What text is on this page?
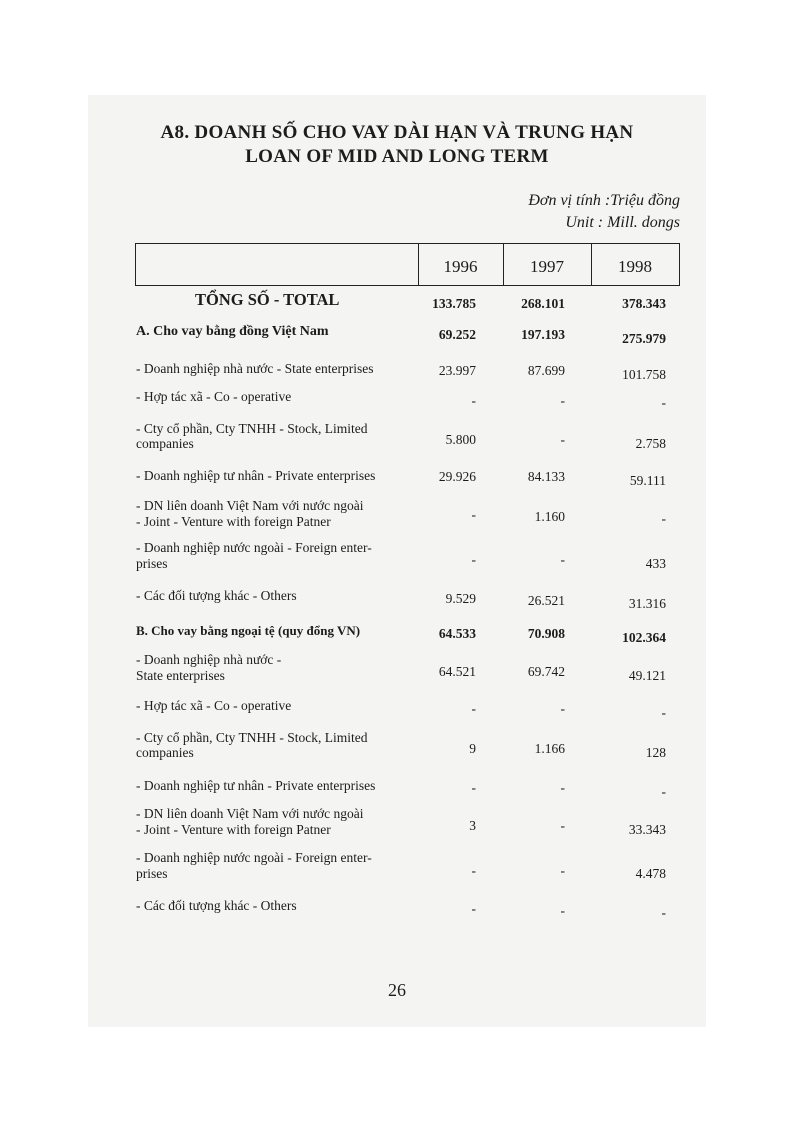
A8. DOANH SỐ CHO VAY DÀI HẠN VÀ TRUNG HẠN
LOAN OF MID AND LONG TERM
Đơn vị tính :Triệu đồng
Unit : Mill. dongs
1996	1997	1998
TỔNG SỐ - TOTAL	133.785	268.101	378.343
A. Cho vay bằng đồng Việt Nam	69.252	197.193	275.979
- Doanh nghiệp nhà nước - State enterprises	23.997	87.699	101.758
- Hợp tác xã - Co - operative	-	-	-
- Cty cổ phần, Cty TNHH - Stock, Limited
companies	5.800	-	2.758
- Doanh nghiệp tư nhân - Private enterprises	29.926	84.133	59.111
- DN liên doanh Việt Nam với nước ngoài
- Joint - Venture with foreign Patner	-	1.160	-
- Doanh nghiệp nước ngoài - Foreign enter-
prises	-	-	433
- Các đối tượng khác - Others	9.529	26.521	31.316
B. Cho vay bằng ngoại tệ (quy đổng VN)	64.533	70.908	102.364
- Doanh nghiệp nhà nước -
State enterprises	64.521	69.742	49.121
- Hợp tác xã - Co - operative	-	-	-
- Cty cổ phần, Cty TNHH - Stock, Limited
companies	9	1.166	128
- Doanh nghiệp tư nhân - Private enterprises	-	-	-
- DN liên doanh Việt Nam với nước ngoài
- Joint - Venture with foreign Patner	3	-	33.343
- Doanh nghiệp nước ngoài - Foreign enter-
prises	-	-	4.478
- Các đối tượng khác - Others	-	-	-
26
